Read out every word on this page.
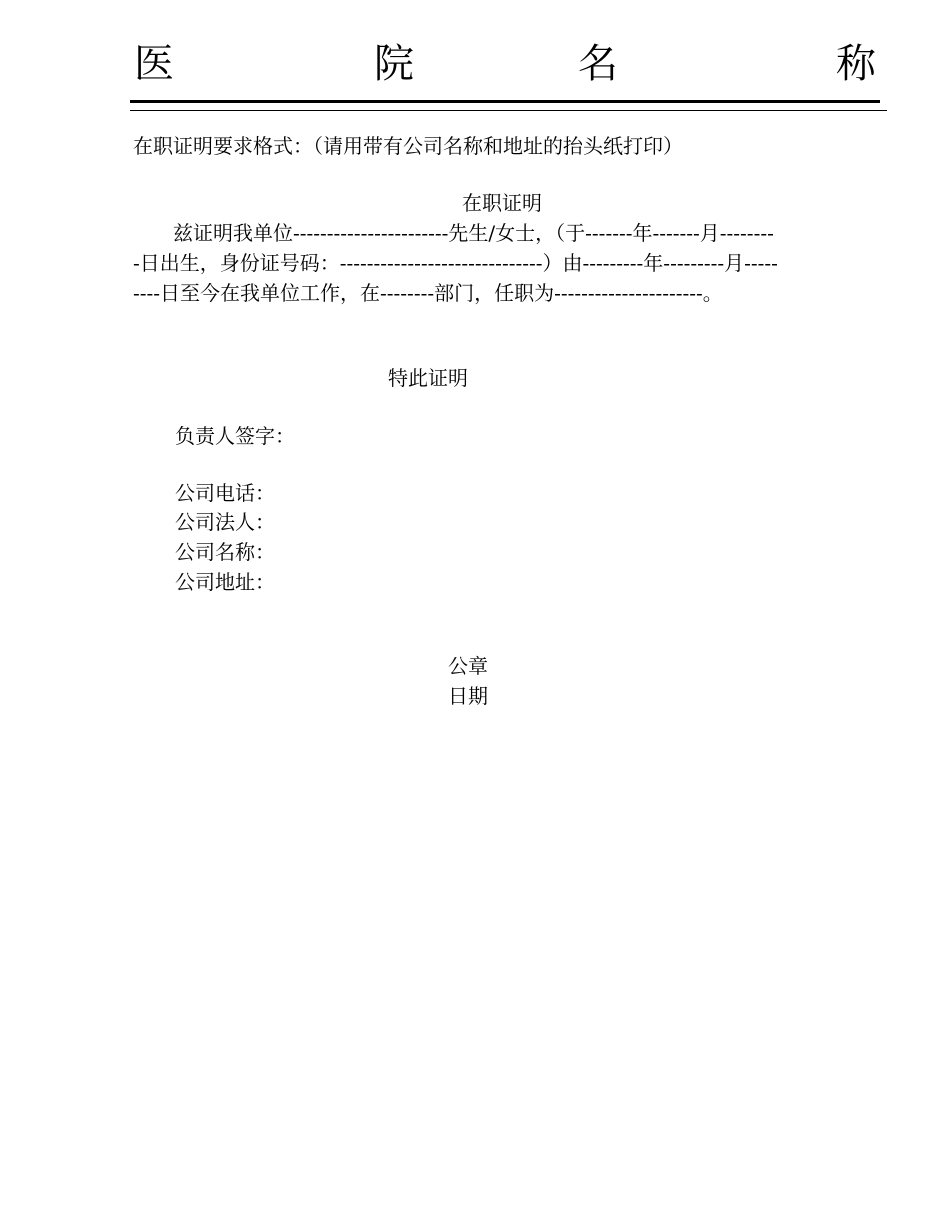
医	院	名	称
在职证明要求格式：（请用带有公司名称和地址的抬头纸打印）
在职证明
　　兹证明我单位-----------------------先生/女士，（于-------年-------月--------
-日出生，身份证号码：------------------------------）由---------年---------月-----
----日至今在我单位工作，在--------部门，任职为----------------------。
特此证明
负责人签字：
公司电话：
公司法人：
公司名称：
公司地址：
公章
日期
